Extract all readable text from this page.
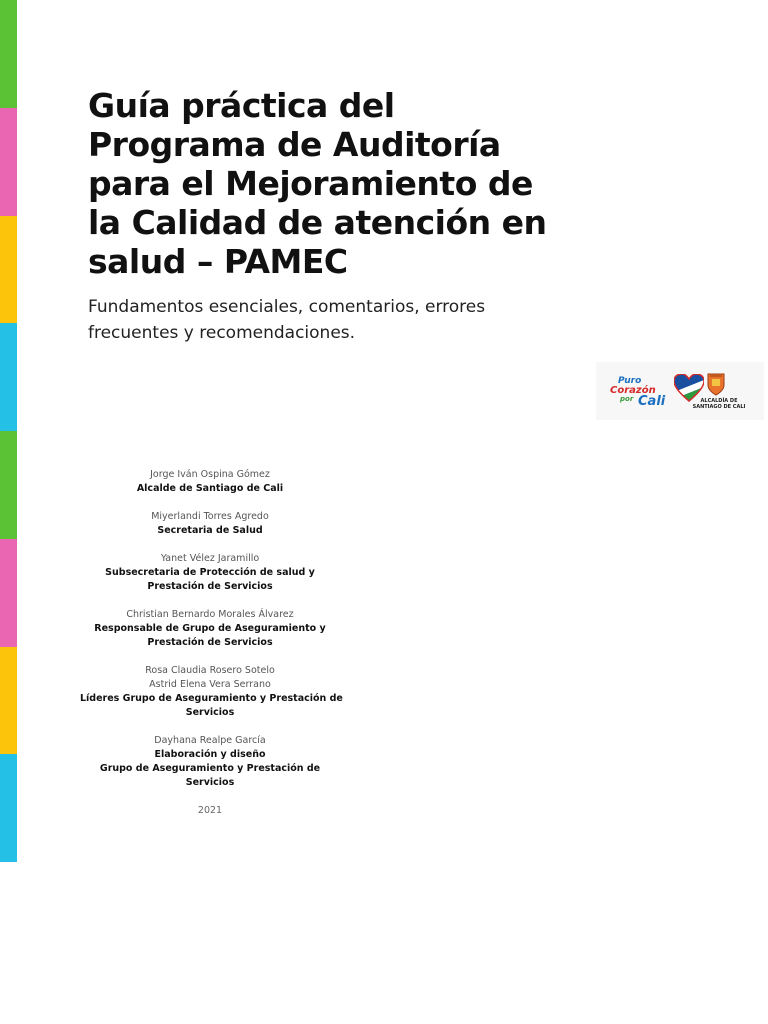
Guía práctica del
Programa de Auditoría
para el Mejoramiento de
la Calidad de atención en
salud – PAMEC

Fundamentos esenciales, comentarios, errores
frecuentes y recomendaciones.

Puro
Corazón
por Cali	ALCALDÍA DE
SANTIAGO DE CALI
Jorge Iván Ospina Gómez
Alcalde de Santiago de Cali
Miyerlandi Torres Agredo
Secretaria de Salud
Yanet Vélez Jaramillo
Subsecretaria de Protección de salud y
Prestación de Servicios
Christian Bernardo Morales Álvarez
Responsable de Grupo de Aseguramiento y
Prestación de Servicios
Rosa Claudia Rosero Sotelo
Astrid Elena Vera Serrano
Líderes Grupo de Aseguramiento y Prestación de
Servicios
Dayhana Realpe García
Elaboración y diseño
Grupo de Aseguramiento y Prestación de
Servicios
2021
